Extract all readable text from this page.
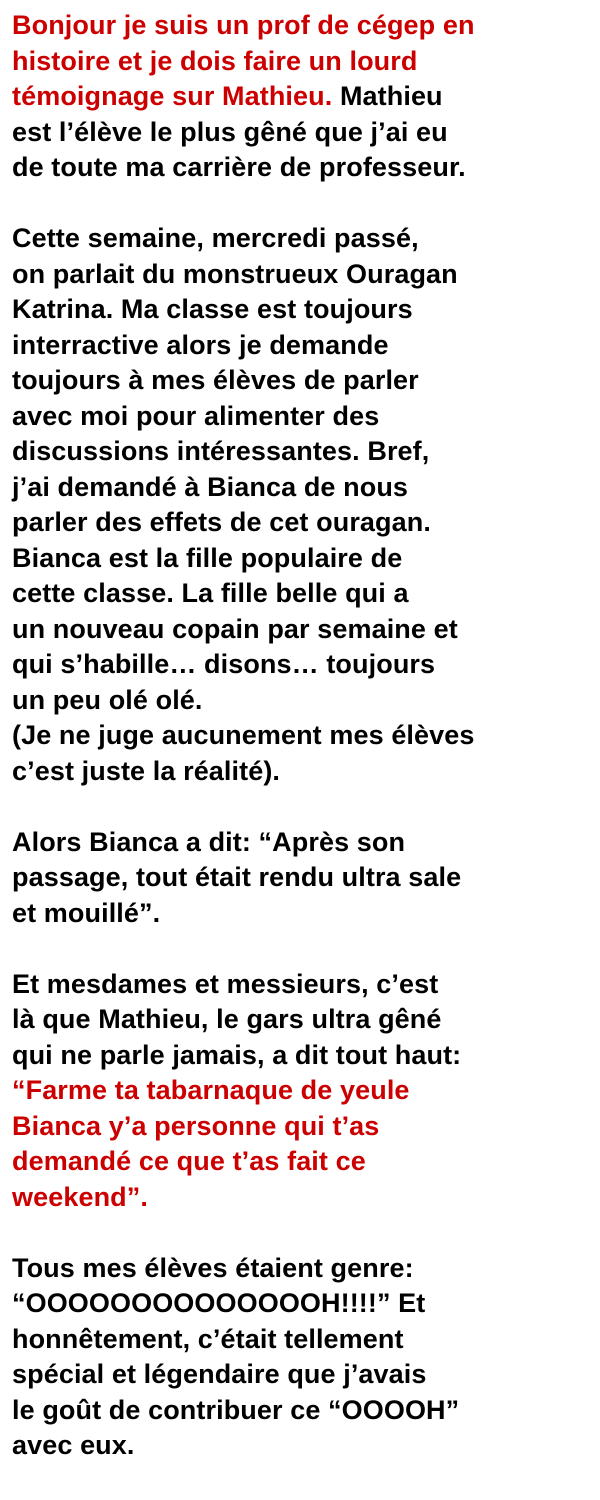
Bonjour je suis un prof de cégep en
histoire et je dois faire un lourd
témoignage sur Mathieu. Mathieu
est l’élève le plus gêné que j’ai eu
de toute ma carrière de professeur.
Cette semaine, mercredi passé,
on parlait du monstrueux Ouragan
Katrina. Ma classe est toujours
interractive alors je demande
toujours à mes élèves de parler
avec moi pour alimenter des
discussions intéressantes. Bref,
j’ai demandé à Bianca de nous
parler des effets de cet ouragan.
Bianca est la fille populaire de
cette classe. La fille belle qui a
un nouveau copain par semaine et
qui s’habille… disons… toujours
un peu olé olé.
(Je ne juge aucunement mes élèves
c’est juste la réalité).
Alors Bianca a dit: “Après son
passage, tout était rendu ultra sale
et mouillé”.
Et mesdames et messieurs, c’est
là que Mathieu, le gars ultra gêné
qui ne parle jamais, a dit tout haut:
“Farme ta tabarnaque de yeule
Bianca y’a personne qui t’as
demandé ce que t’as fait ce
weekend”.
Tous mes élèves étaient genre:
“OOOOOOOOOOOOOOH!!!!” Et
honnêtement, c’était tellement
spécial et légendaire que j’avais
le goût de contribuer ce “OOOOH”
avec eux.
